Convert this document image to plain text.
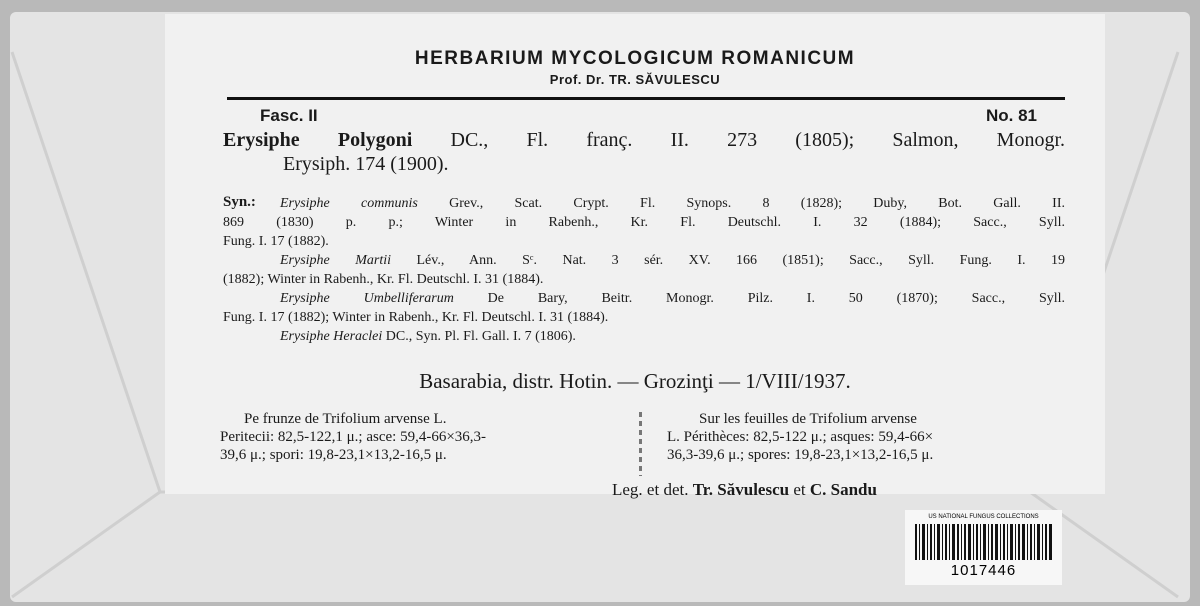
HERBARIUM MYCOLOGICUM ROMANICUM
Prof. Dr. TR. SĂVULESCU
Fasc. II	No. 81
Erysiphe Polygoni DC., Fl. franç. II. 273 (1805); Salmon, Monogr.
Erysiph. 174 (1900).
Syn.: Erysiphe communis Grev., Scat. Crypt. Fl. Synops. 8 (1828); Duby, Bot. Gall. II.
869 (1830) p. p.; Winter in Rabenh., Kr. Fl. Deutschl. I. 32 (1884); Sacc., Syll.
Fung. I. 17 (1882).
Erysiphe Martii Lév., Ann. Sᶜ. Nat. 3 sér. XV. 166 (1851); Sacc., Syll. Fung. I. 19
(1882); Winter in Rabenh., Kr. Fl. Deutschl. I. 31 (1884).
Erysiphe Umbelliferarum De Bary, Beitr. Monogr. Pilz. I. 50 (1870); Sacc., Syll.
Fung. I. 17 (1882); Winter in Rabenh., Kr. Fl. Deutschl. I. 31 (1884).
Erysiphe Heraclei DC., Syn. Pl. Fl. Gall. I. 7 (1806).
Basarabia, distr. Hotin. — Grozinţi — 1/VIII/1937.
Pe frunze de Trifolium arvense L.
Peritecii: 82,5-122,1 μ.; asce: 59,4-66×36,3-
39,6 μ.; spori: 19,8-23,1×13,2-16,5 μ.
Sur les feuilles de Trifolium arvense
L. Périthèces: 82,5-122 μ.; asques: 59,4-66×
36,3-39,6 μ.; spores: 19,8-23,1×13,2-16,5 μ.
Leg. et det. Tr. Săvulescu et C. Sandu
US NATIONAL FUNGUS COLLECTIONS
1017446
